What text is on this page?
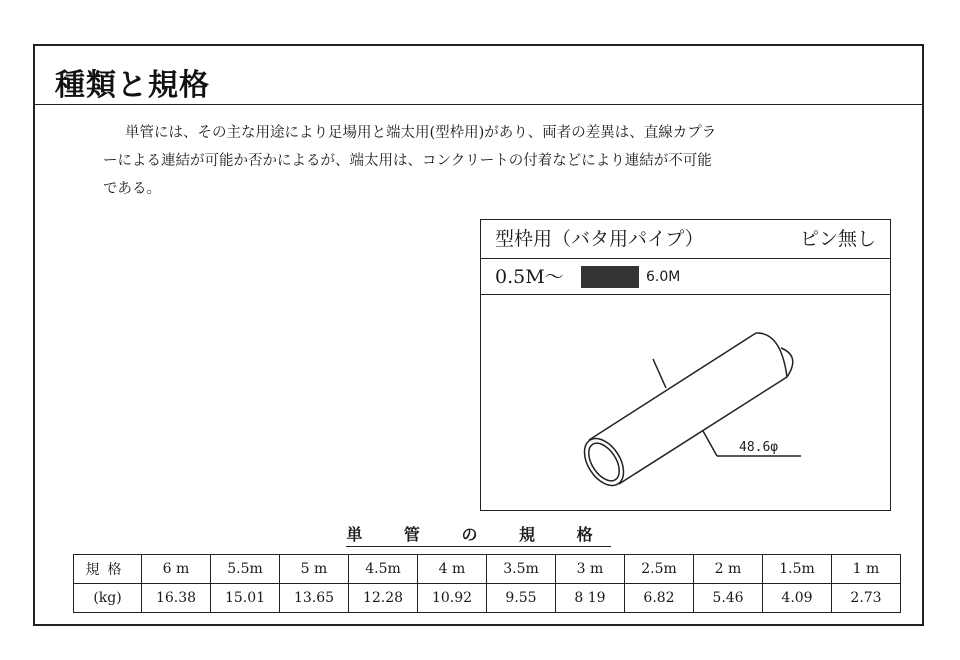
種類と規格

単管には、その主な用途により足場用と端太用(型枠用)があり、両者の差異は、直線カプラ
ーによる連結が可能か否かによるが、端太用は、コンクリートの付着などにより連結が不可能
である。

型枠用（バタ用パイプ）	ピン無し
0.5M～	6.0M
48.6φ
単 管 の 規 格
規格	6 m	5.5m	5 m	4.5m	4 m	3.5m	3 m	2.5m	2 m	1.5m	1 m
(kg)	16.38	15.01	13.65	12.28	10.92	9.55	8 19	6.82	5.46	4.09	2.73
